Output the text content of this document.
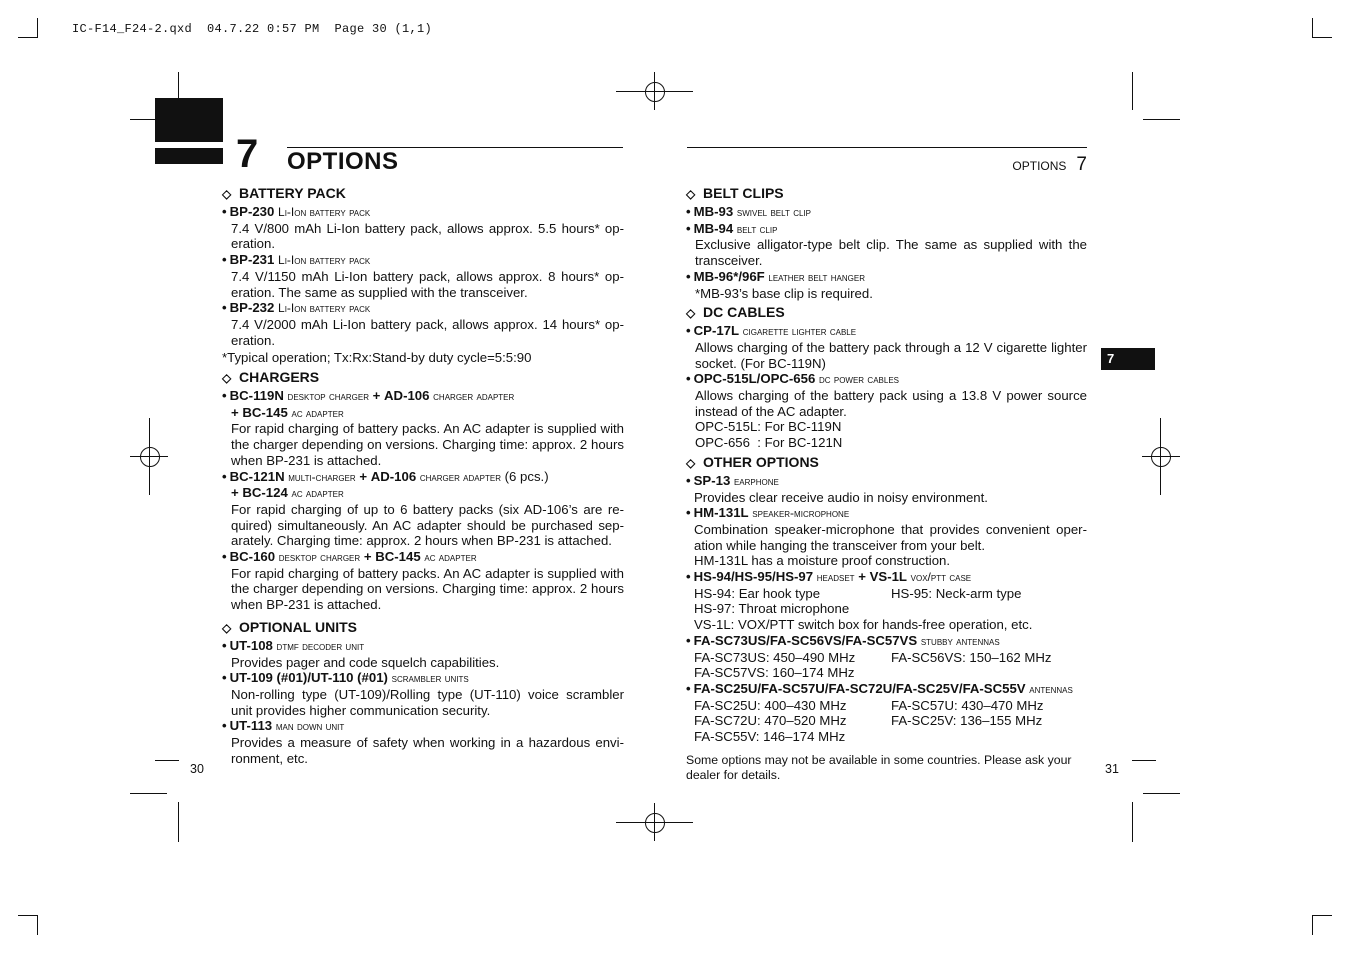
IC-F14_F24-2.qxd  04.7.22 0:57 PM  Page 30 (1,1)
7 OPTIONS	OPTIONS 7
7
◇ BATTERY PACK
• BP-230 Li-Ion battery pack
7.4 V/800 mAh Li-Ion battery pack, allows approx. 5.5 hours* operation.
• BP-231 Li-Ion battery pack
7.4 V/1150 mAh Li-Ion battery pack, allows approx. 8 hours* operation. The same as supplied with the transceiver.
• BP-232 Li-Ion battery pack
7.4 V/2000 mAh Li-Ion battery pack, allows approx. 14 hours* operation.
*Typical operation; Tx:Rx:Stand-by duty cycle=5:5:90
◇ CHARGERS
• BC-119N desktop charger + AD-106 charger adapter
+ BC-145 ac adapter
For rapid charging of battery packs. An AC adapter is supplied with the charger depending on versions. Charging time: approx. 2 hours when BP-231 is attached.
• BC-121N multi-charger + AD-106 charger adapter (6 pcs.)
+ BC-124 ac adapter
For rapid charging of up to 6 battery packs (six AD-106’s are required) simultaneously. An AC adapter should be purchased separately. Charging time: approx. 2 hours when BP-231 is attached.
• BC-160 desktop charger + BC-145 ac adapter
For rapid charging of battery packs. An AC adapter is supplied with the charger depending on versions. Charging time: approx. 2 hours when BP-231 is attached.
◇ OPTIONAL UNITS
• UT-108 dtmf decoder unit
Provides pager and code squelch capabilities.
• UT-109 (#01)/UT-110 (#01) scrambler units
Non-rolling type (UT-109)/Rolling type (UT-110) voice scrambler unit provides higher communication security.
• UT-113 man down unit
Provides a measure of safety when working in a hazardous environment, etc.
◇ BELT CLIPS
• MB-93 swivel belt clip
• MB-94 belt clip
Exclusive alligator-type belt clip. The same as supplied with the transceiver.
• MB-96*/96F leather belt hanger
*MB-93’s base clip is required.
◇ DC CABLES
• CP-17L cigarette lighter cable
Allows charging of the battery pack through a 12 V cigarette lighter socket. (For BC-119N)
• OPC-515L/OPC-656 dc power cables
Allows charging of the battery pack using a 13.8 V power source instead of the AC adapter.
OPC-515L: For BC-119N
OPC-656  : For BC-121N
◇ OTHER OPTIONS
• SP-13 earphone
Provides clear receive audio in noisy environment.
• HM-131L speaker-microphone
Combination speaker-microphone that provides convenient operation while hanging the transceiver from your belt.
HM-131L has a moisture proof construction.
• HS-94/HS-95/HS-97 headset + VS-1L vox/ptt case
HS-94: Ear hook type	HS-95: Neck-arm type
HS-97: Throat microphone
VS-1L: VOX/PTT switch box for hands-free operation, etc.
• FA-SC73US/FA-SC56VS/FA-SC57VS stubby antennas
FA-SC73US: 450–490 MHz	FA-SC56VS: 150–162 MHz
FA-SC57VS: 160–174 MHz
• FA-SC25U/FA-SC57U/FA-SC72U/FA-SC25V/FA-SC55V antennas
FA-SC25U: 400–430 MHz	FA-SC57U: 430–470 MHz
FA-SC72U: 470–520 MHz	FA-SC25V: 136–155 MHz
FA-SC55V: 146–174 MHz
Some options may not be available in some countries. Please ask your dealer for details.
30	31
